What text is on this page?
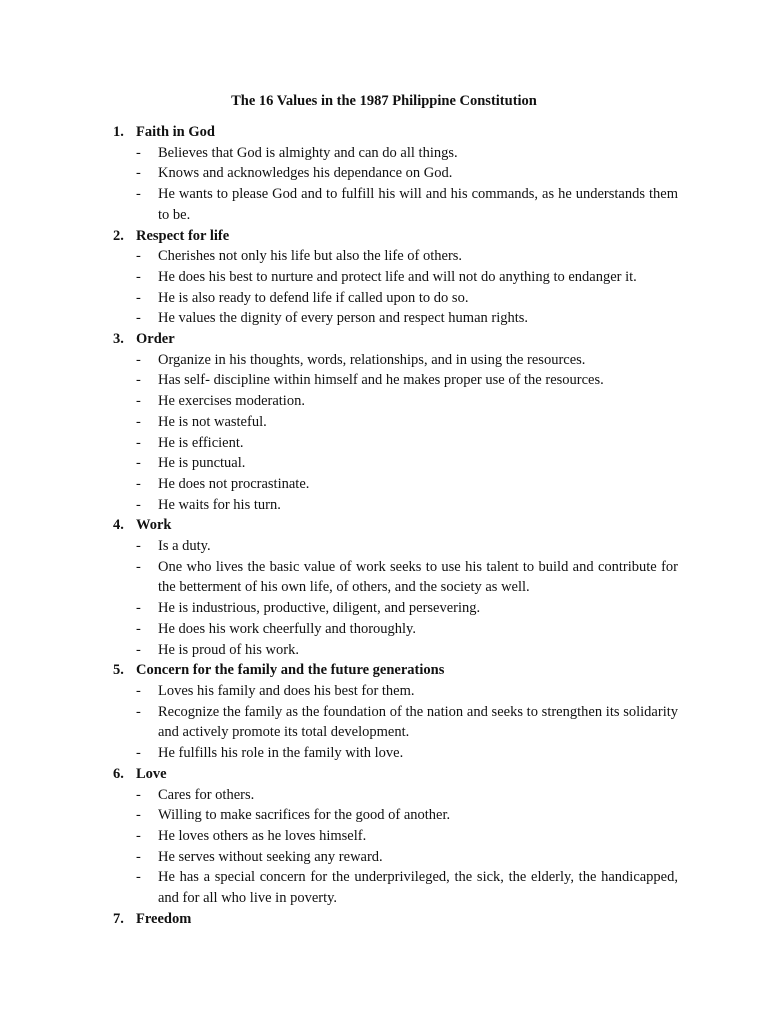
The 16 Values in the 1987 Philippine Constitution
1. Faith in God
-	Believes that God is almighty and can do all things.
-	Knows and acknowledges his dependance on God.
-	He wants to please God and to fulfill his will and his commands, as he understands them to be.
2. Respect for life
-	Cherishes not only his life but also the life of others.
-	He does his best to nurture and protect life and will not do anything to endanger it.
-	He is also ready to defend life if called upon to do so.
-	He values the dignity of every person and respect human rights.
3. Order
-	Organize in his thoughts, words, relationships, and in using the resources.
-	Has self- discipline within himself and he makes proper use of the resources.
-	He exercises moderation.
-	He is not wasteful.
-	He is efficient.
-	He is punctual.
-	He does not procrastinate.
-	He waits for his turn.
4. Work
-	Is a duty.
-	One who lives the basic value of work seeks to use his talent to build and contribute for the betterment of his own life, of others, and the society as well.
-	He is industrious, productive, diligent, and persevering.
-	He does his work cheerfully and thoroughly.
-	He is proud of his work.
5. Concern for the family and the future generations
-	Loves his family and does his best for them.
-	Recognize the family as the foundation of the nation and seeks to strengthen its solidarity and actively promote its total development.
-	He fulfills his role in the family with love.
6. Love
-	Cares for others.
-	Willing to make sacrifices for the good of another.
-	He loves others as he loves himself.
-	He serves without seeking any reward.
-	He has a special concern for the underprivileged, the sick, the elderly, the handicapped, and for all who live in poverty.
7. Freedom
